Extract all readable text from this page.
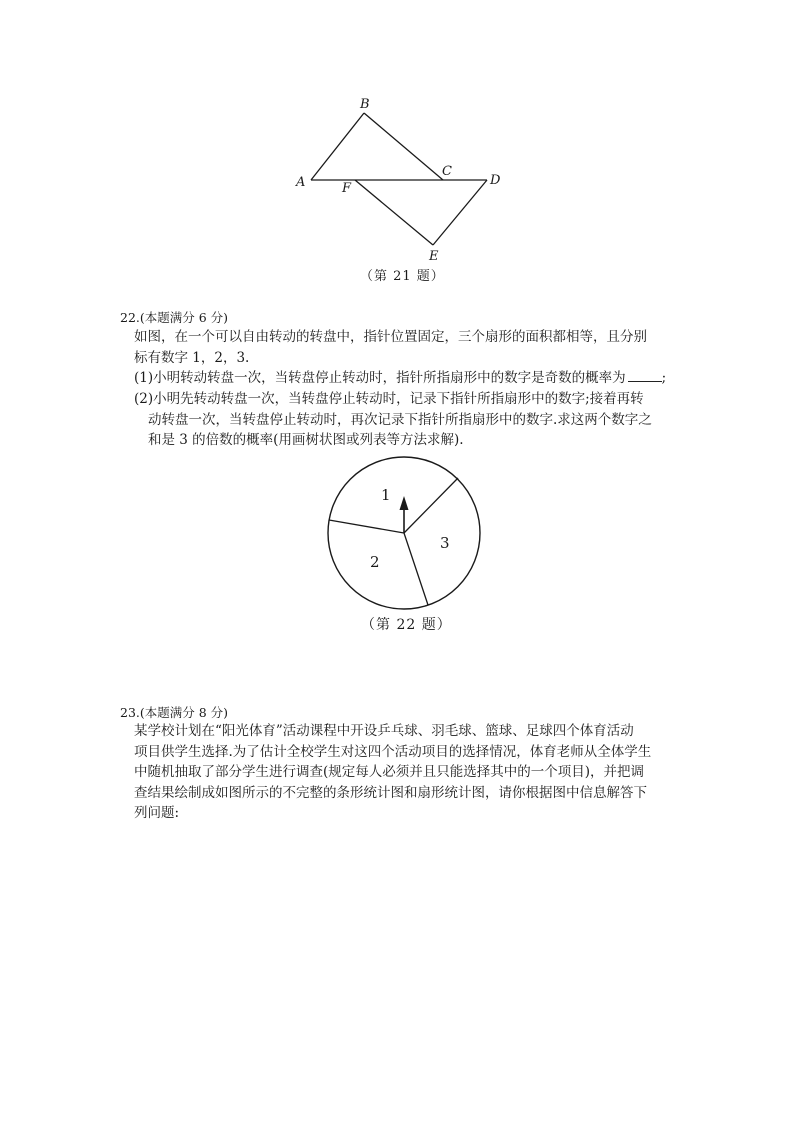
A
B
C
D
F
E
（第 21 题）
22.(本题满分 6 分)
如图，在一个可以自由转动的转盘中，指针位置固定，三个扇形的面积都相等，且分别
标有数字 1，2，3.
(1)小明转动转盘一次，当转盘停止转动时，指针所指扇形中的数字是奇数的概率为	;
(2)小明先转动转盘一次，当转盘停止转动时，记录下指针所指扇形中的数字;接着再转
动转盘一次，当转盘停止转动时，再次记录下指针所指扇形中的数字.求这两个数字之
和是 3 的倍数的概率(用画树状图或列表等方法求解).
1
2
3
（第 22 题）
23.(本题满分 8 分)
某学校计划在“阳光体育”活动课程中开设乒乓球、羽毛球、篮球、足球四个体育活动
项目供学生选择.为了估计全校学生对这四个活动项目的选择情况，体育老师从全体学生
中随机抽取了部分学生进行调查(规定每人必须并且只能选择其中的一个项目)，并把调
查结果绘制成如图所示的不完整的条形统计图和扇形统计图，请你根据图中信息解答下
列问题:
